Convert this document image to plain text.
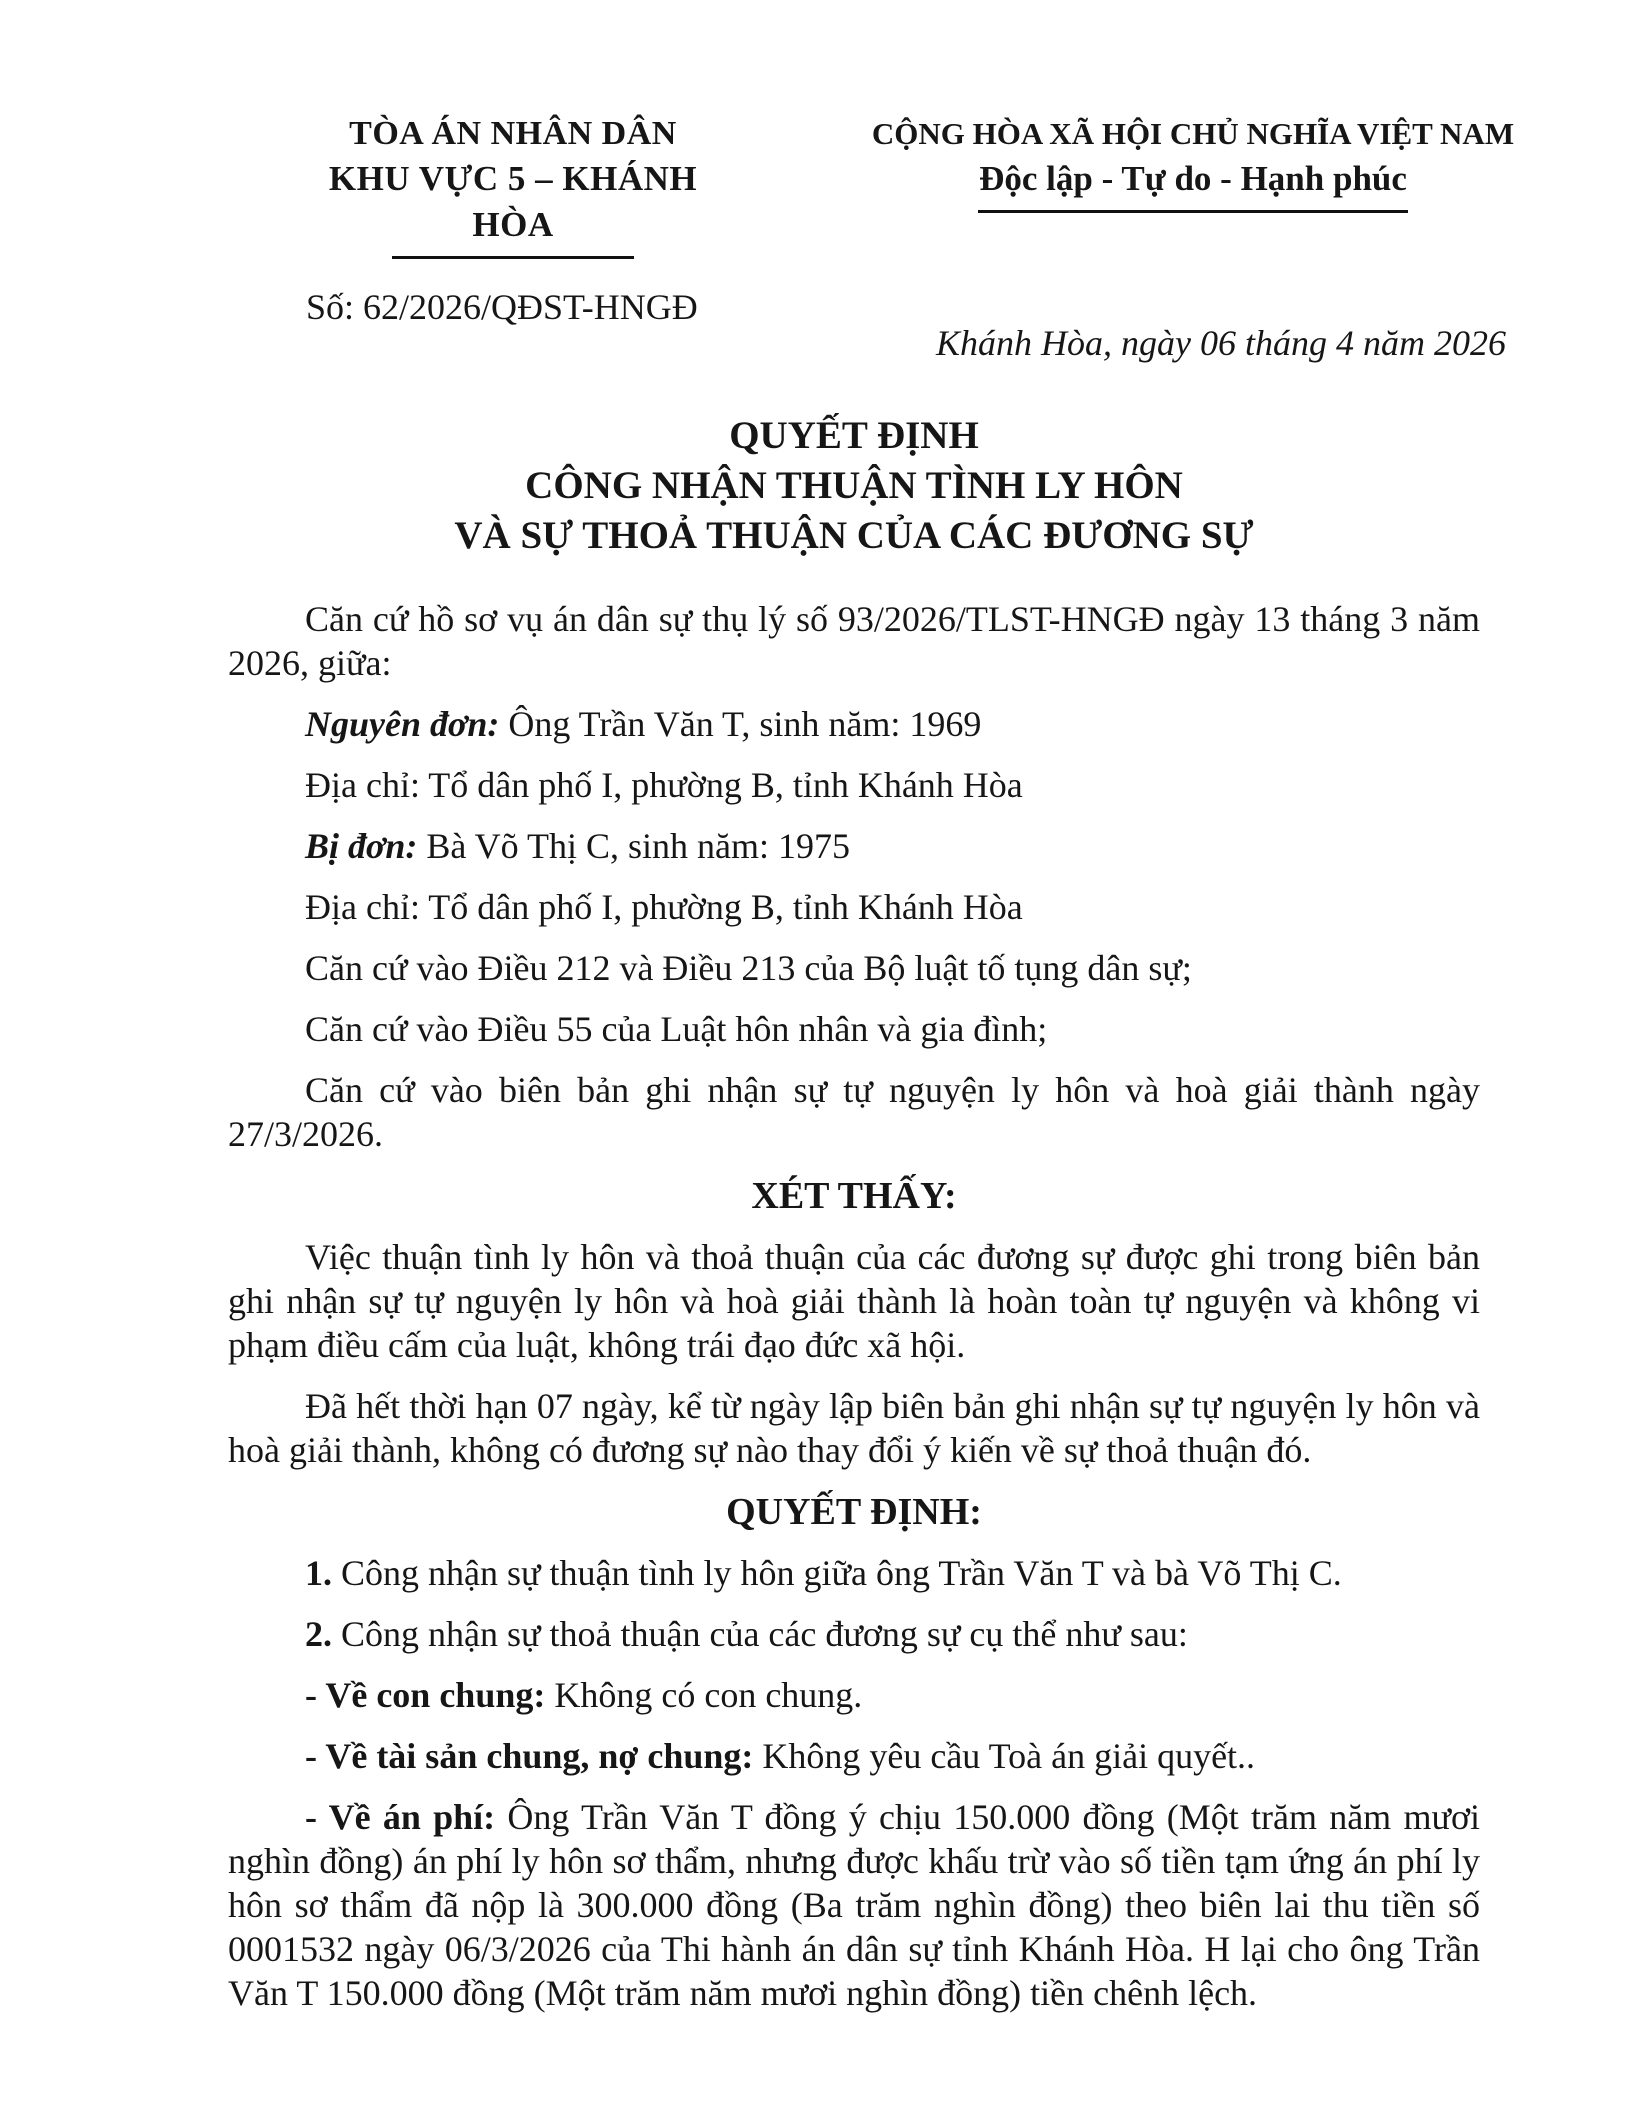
TÒA ÁN NHÂN DÂN
KHU VỰC 5 – KHÁNH HÒA
CỘNG HÒA XÃ HỘI CHỦ NGHĨA VIỆT NAM
Độc lập - Tự do - Hạnh phúc
Số: 62/2026/QĐST-HNGĐ
Khánh Hòa, ngày 06 tháng 4 năm 2026
QUYẾT ĐỊNH
CÔNG NHẬN THUẬN TÌNH LY HÔN
VÀ SỰ THOẢ THUẬN CỦA CÁC ĐƯƠNG SỰ

Căn cứ hồ sơ vụ án dân sự thụ lý số 93/2026/TLST-HNGĐ ngày 13 tháng 3 năm 2026, giữa:

Nguyên đơn: Ông Trần Văn T, sinh năm: 1969

Địa chỉ: Tổ dân phố I, phường B, tỉnh Khánh Hòa

Bị đơn: Bà Võ Thị C, sinh năm: 1975

Địa chỉ: Tổ dân phố I, phường B, tỉnh Khánh Hòa

Căn cứ vào Điều 212 và Điều 213 của Bộ luật tố tụng dân sự;

Căn cứ vào Điều 55 của Luật hôn nhân và gia đình;

Căn cứ vào biên bản ghi nhận sự tự nguyện ly hôn và hoà giải thành ngày 27/3/2026.

XÉT THẤY:

Việc thuận tình ly hôn và thoả thuận của các đương sự được ghi trong biên bản ghi nhận sự tự nguyện ly hôn và hoà giải thành là hoàn toàn tự nguyện và không vi phạm điều cấm của luật, không trái đạo đức xã hội.

Đã hết thời hạn 07 ngày, kể từ ngày lập biên bản ghi nhận sự tự nguyện ly hôn và hoà giải thành, không có đương sự nào thay đổi ý kiến về sự thoả thuận đó.

QUYẾT ĐỊNH:

1. Công nhận sự thuận tình ly hôn giữa ông Trần Văn T và bà Võ Thị C.

2. Công nhận sự thoả thuận của các đương sự cụ thể như sau:

- Về con chung: Không có con chung.

- Về tài sản chung, nợ chung: Không yêu cầu Toà án giải quyết..

- Về án phí: Ông Trần Văn T đồng ý chịu 150.000 đồng (Một trăm năm mươi nghìn đồng) án phí ly hôn sơ thẩm, nhưng được khấu trừ vào số tiền tạm ứng án phí ly hôn sơ thẩm đã nộp là 300.000 đồng (Ba trăm nghìn đồng) theo biên lai thu tiền số 0001532 ngày 06/3/2026 của Thi hành án dân sự tỉnh Khánh Hòa. H lại cho ông Trần Văn T 150.000 đồng (Một trăm năm mươi nghìn đồng) tiền chênh lệch.
